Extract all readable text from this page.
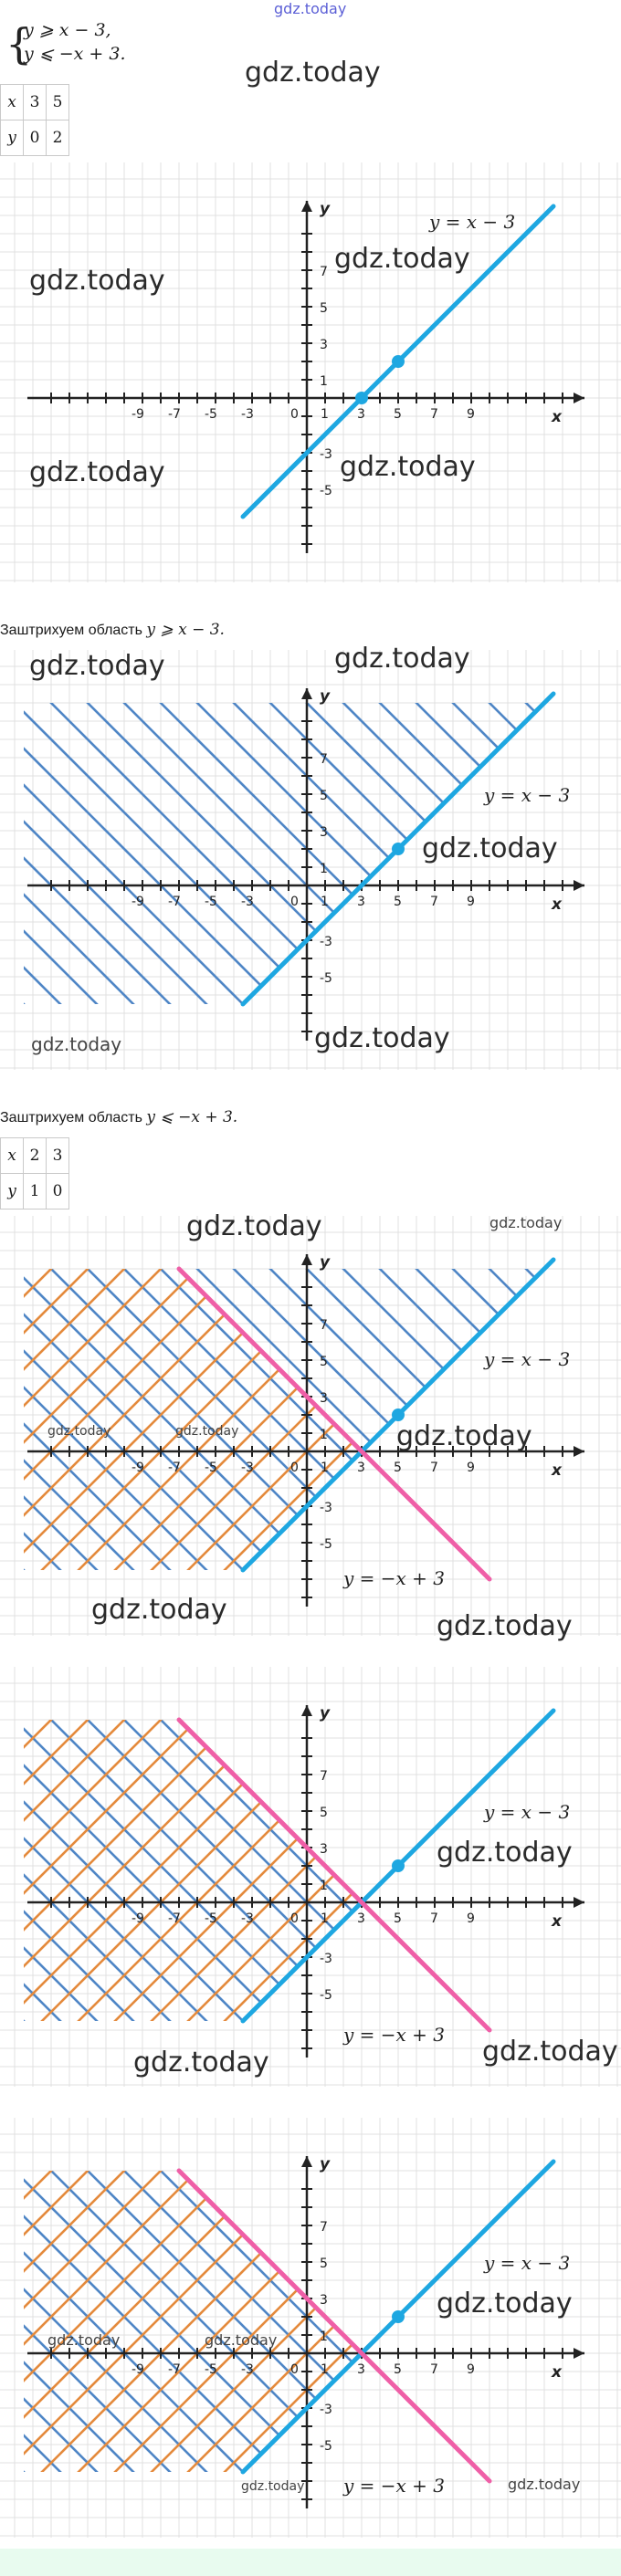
gdz.today
{
y ⩾ x − 3,
y ⩽ −x + 3.
gdz.today
x	3	5
y	0	2
-9 -7 -5 -3	1 3 5 7 9
7
5
3
1
-3
-5
0	x
y
y = x − 3
gdz.today
gdz.today
gdz.today	gdz.today
Заштрихуем область y ⩾ x − 3.
-9 -7 -5 -3	1 3 5 7 9
7
5
3
1
-3
-5
0	x
y
y = x − 3
gdz.today	gdz.today
gdz.today
gdz.today	gdz.today
Заштрихуем область y ⩽ −x + 3.
x	2	3
y	1	0
-9 -7 -5 -3	1 3 5 7 9
7
5
3
1
-3
-5
0	x
y
y = x − 3
y = −x + 3
gdz.today	gdz.today
gdz.today	gdz.today	gdz.today
gdz.today
gdz.today
-9 -7 -5 -3	1 3 5 7 9
7
5
3
1
-3
-5
0	x
y
y = x − 3
y = −x + 3
gdz.today
gdz.today	gdz.today
-9 -7 -5 -3	1 3 5 7 9
7
5
3
1
-3
-5
0	x
y
y = x − 3
y = −x + 3
gdz.today
gdz.today	gdz.today
gdz.today	gdz.today
